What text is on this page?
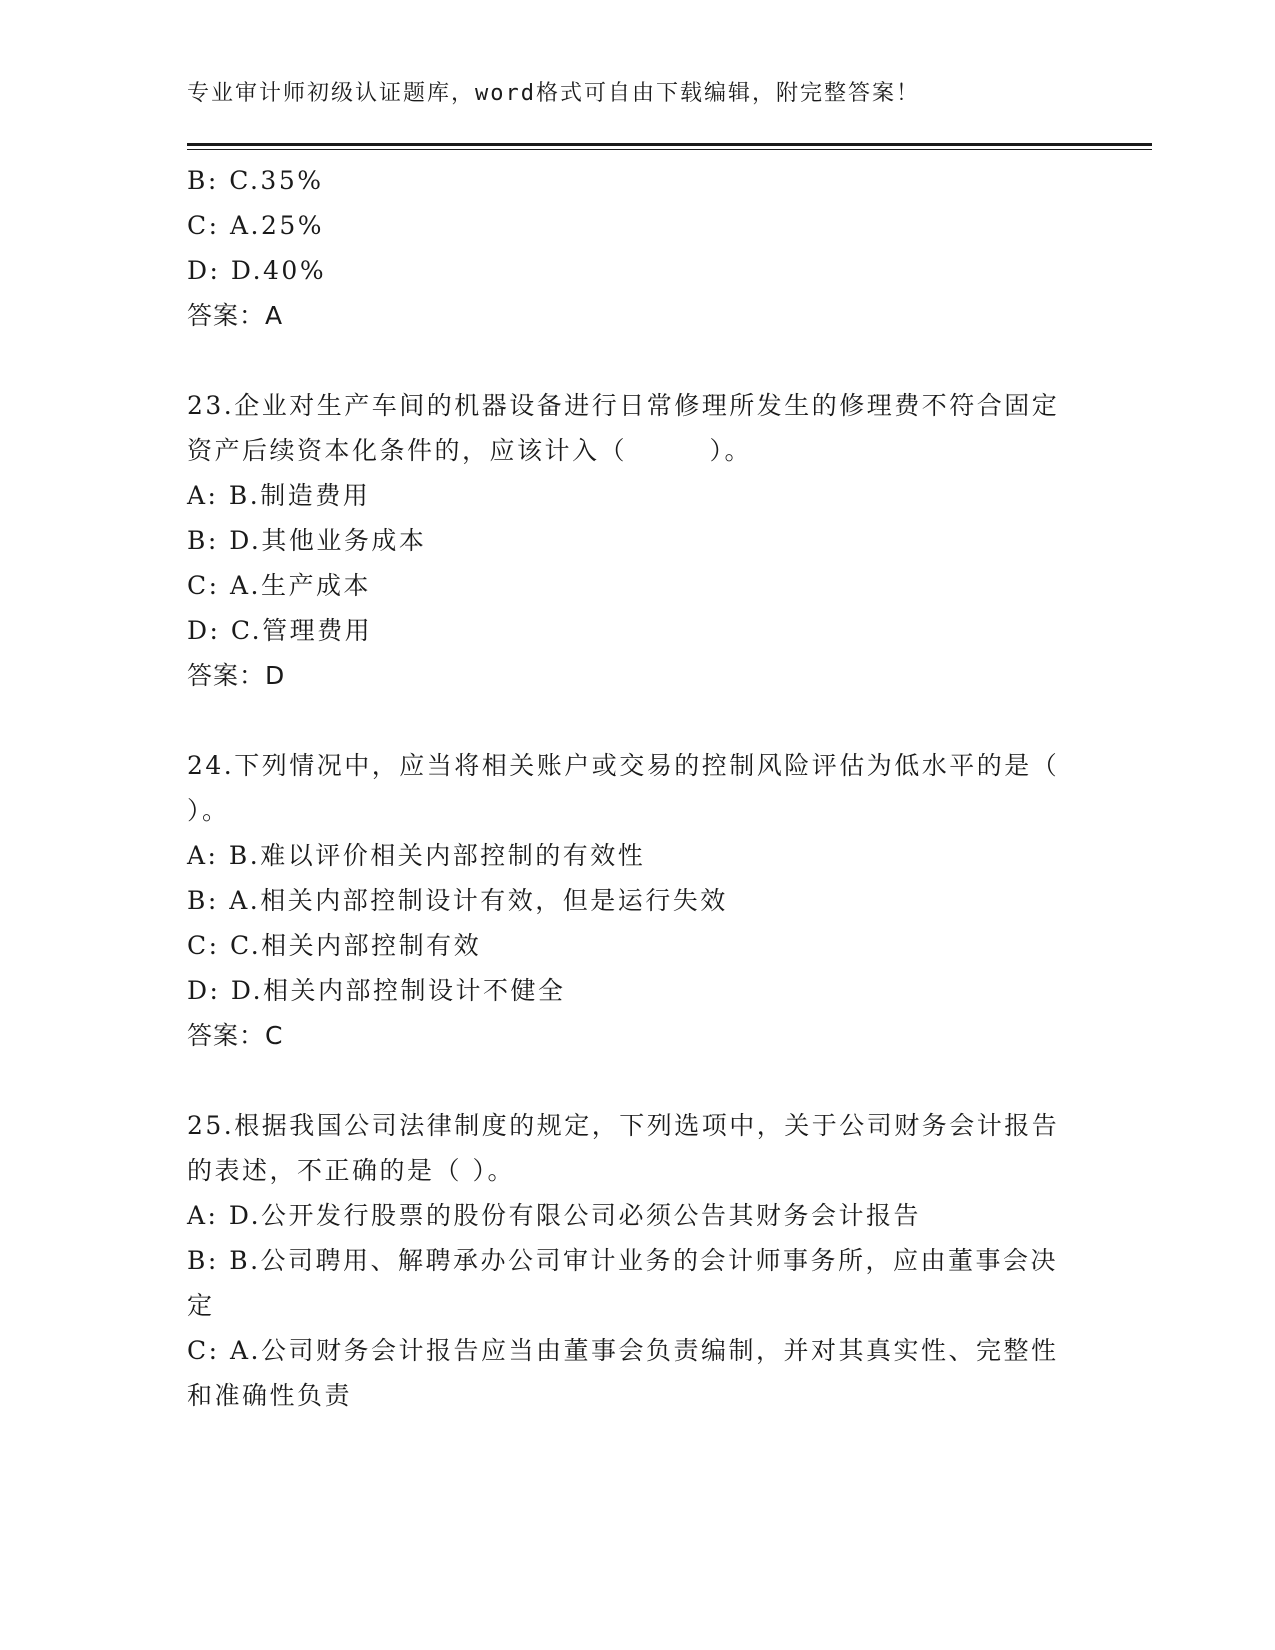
专业审计师初级认证题库，word格式可自由下载编辑，附完整答案！
B: C.35%
C: A.25%
D: D.40%
答案：A
23.企业对生产车间的机器设备进行日常修理所发生的修理费不符合固定资产后续资本化条件的，应该计入（　　　）。
A: B.制造费用
B: D.其他业务成本
C: A.生产成本
D: C.管理费用
答案：D
24.下列情况中，应当将相关账户或交易的控制风险评估为低水平的是（　　）。
A: B.难以评价相关内部控制的有效性
B: A.相关内部控制设计有效，但是运行失效
C: C.相关内部控制有效
D: D.相关内部控制设计不健全
答案：C
25.根据我国公司法律制度的规定，下列选项中，关于公司财务会计报告的表述，不正确的是（ ）。
A: D.公开发行股票的股份有限公司必须公告其财务会计报告
B: B.公司聘用、解聘承办公司审计业务的会计师事务所，应由董事会决定
C: A.公司财务会计报告应当由董事会负责编制，并对其真实性、完整性和准确性负责
